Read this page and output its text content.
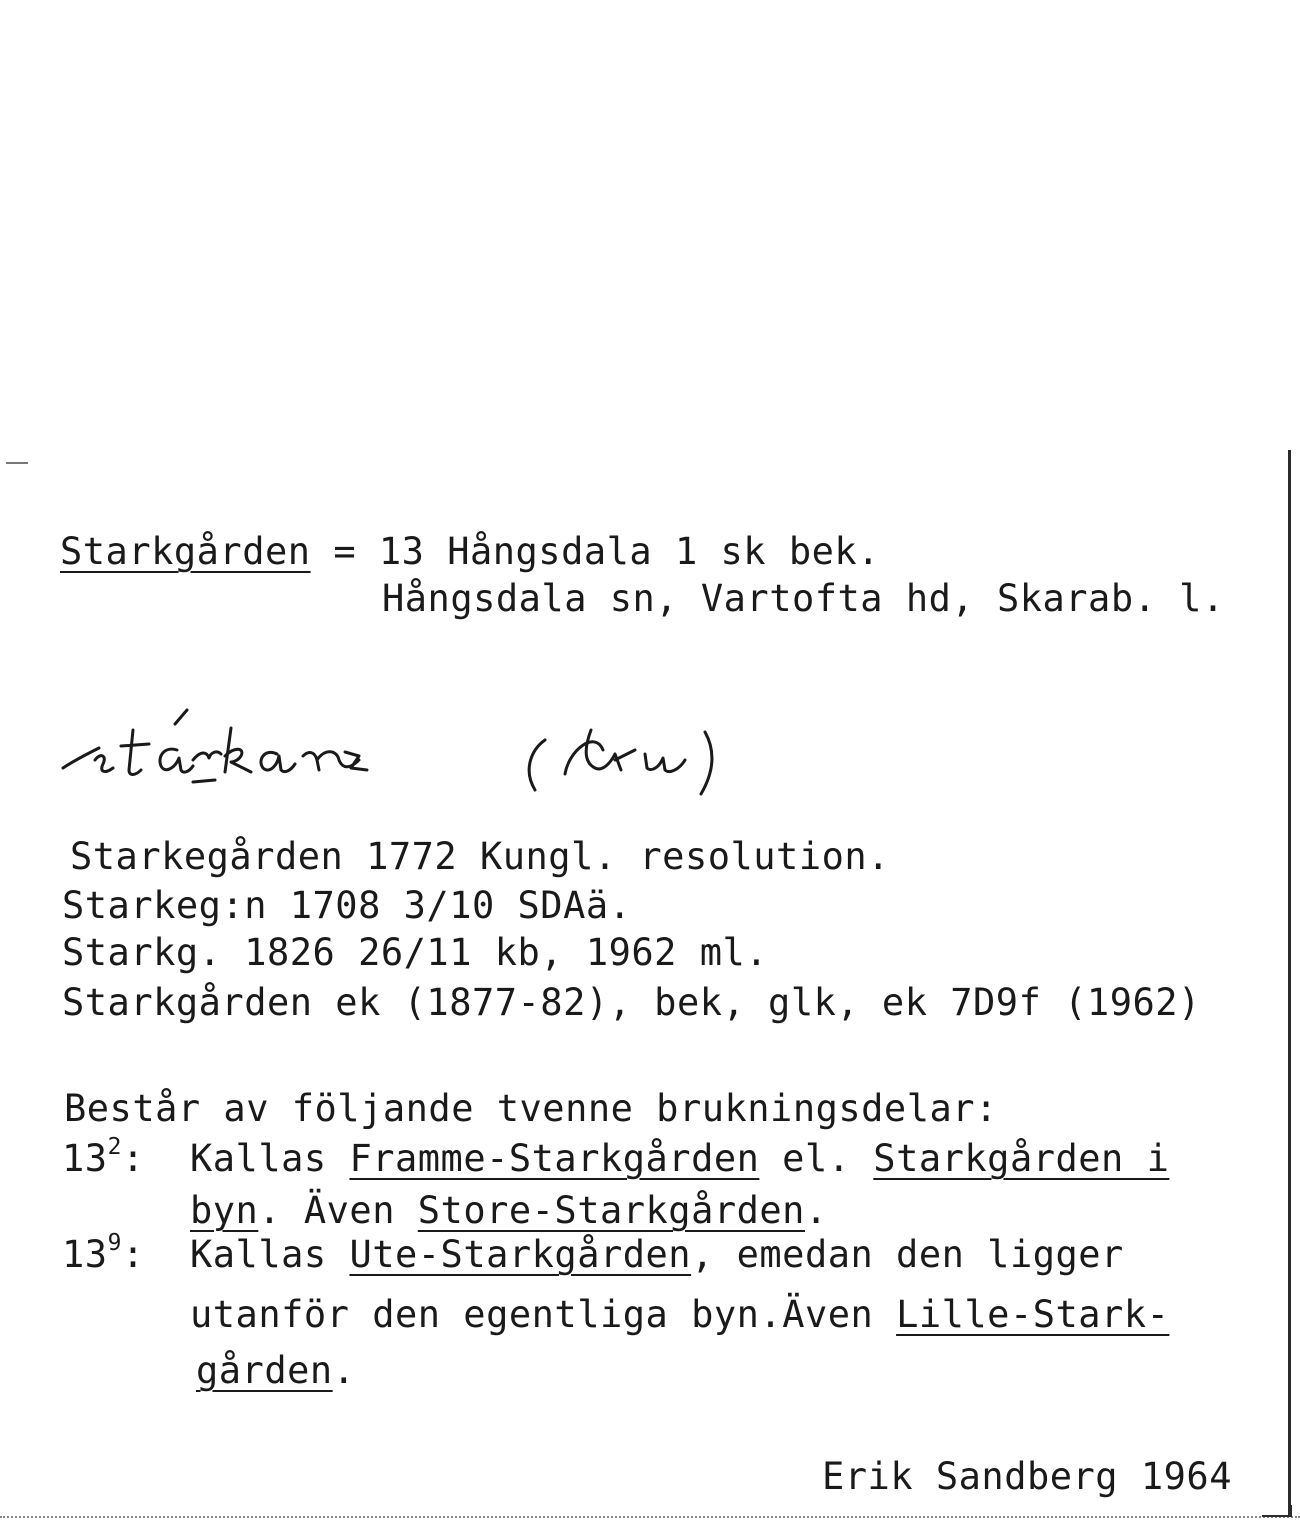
Starkgården = 13 Hångsdala 1 sk bek.
Hångsdala sn, Vartofta hd, Skarab. l.
Starkegården 1772 Kungl. resolution.
Starkeg:n 1708 3/10 SDAä.
Starkg. 1826 26/11 kb, 1962 ml.
Starkgården ek (1877-82), bek, glk, ek 7D9f (1962)
Består av följande tvenne brukningsdelar:
$13^2$: Kallas Framme-Starkgården el. Starkgården i
byn. Även Store-Starkgården.
$13^9$: Kallas Ute-Starkgården, emedan den ligger
utanför den egentliga byn.Även Lille-Stark-
gården.
Erik Sandberg 1964
